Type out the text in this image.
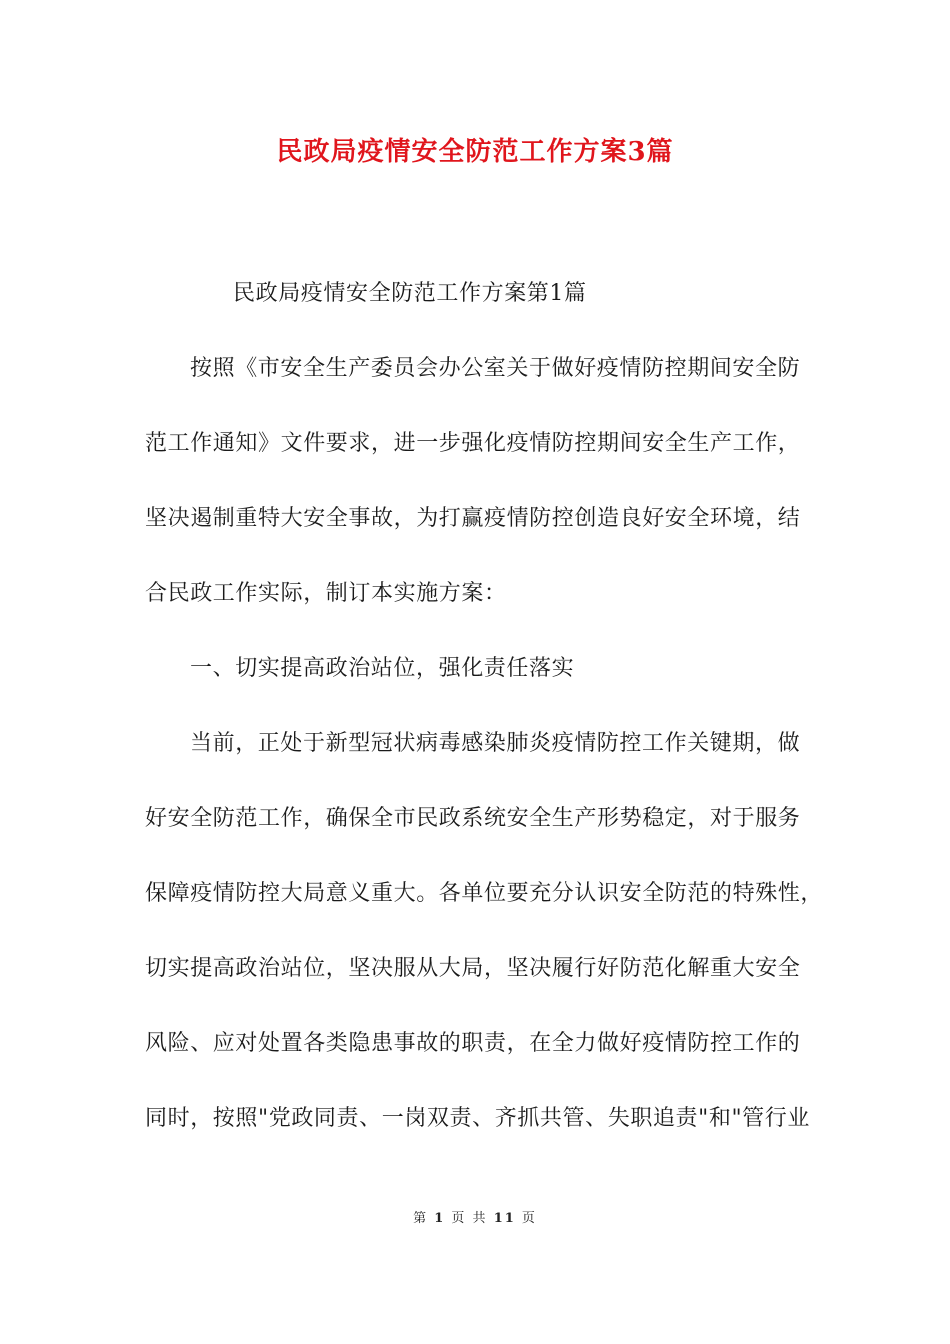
民政局疫情安全防范工作方案3篇
民政局疫情安全防范工作方案第1篇
按照《市安全生产委员会办公室关于做好疫情防控期间安全防
范工作通知》文件要求，进一步强化疫情防控期间安全生产工作，
坚决遏制重特大安全事故，为打赢疫情防控创造良好安全环境，结
合民政工作实际，制订本实施方案：
一、切实提高政治站位，强化责任落实
当前，正处于新型冠状病毒感染肺炎疫情防控工作关键期，做
好安全防范工作，确保全市民政系统安全生产形势稳定，对于服务
保障疫情防控大局意义重大。各单位要充分认识安全防范的特殊性，
切实提高政治站位，坚决服从大局，坚决履行好防范化解重大安全
风险、应对处置各类隐患事故的职责，在全力做好疫情防控工作的
同时，按照"党政同责、一岗双责、齐抓共管、失职追责"和"管行业
第 1 页 共 11 页
